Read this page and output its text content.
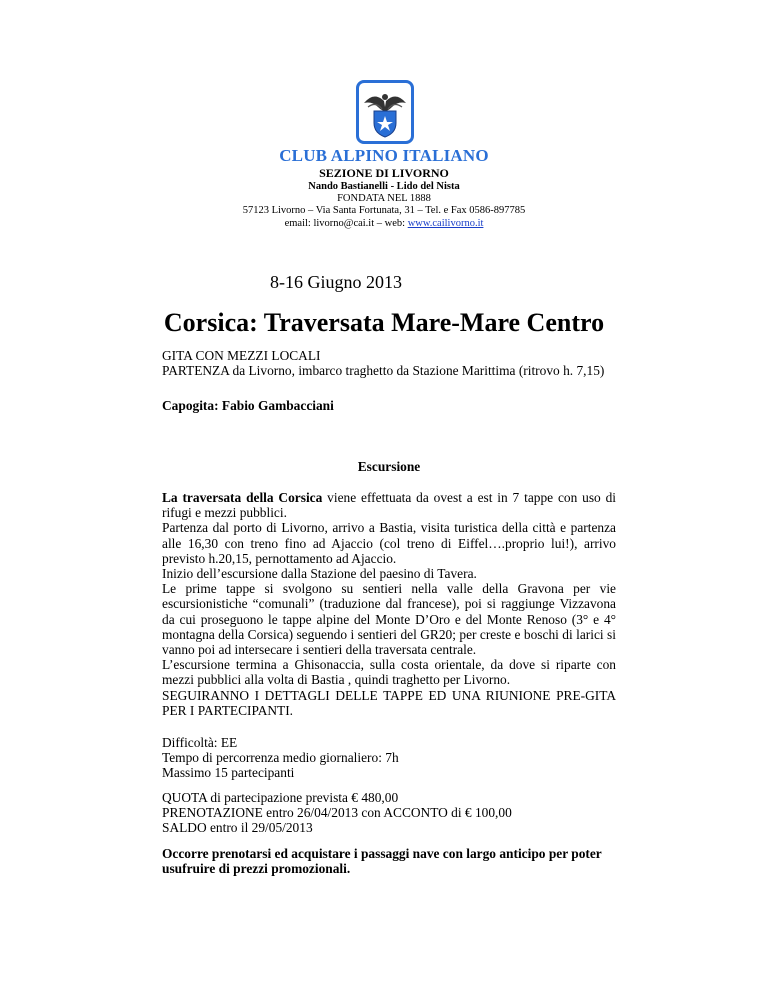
CLUB ALPINO ITALIANO
SEZIONE DI LIVORNO
Nando Bastianelli - Lido del Nista
FONDATA NEL 1888
57123 Livorno – Via Santa Fortunata, 31 – Tel. e Fax 0586-897785
email: livorno@cai.it – web: www.cailivorno.it
8-16 Giugno 2013
Corsica: Traversata Mare-Mare Centro

GITA CON MEZZI LOCALI

PARTENZA da Livorno, imbarco traghetto da Stazione Marittima (ritrovo h. 7,15)

Capogita: Fabio Gambacciani
Escursione

La traversata della Corsica viene effettuata da ovest a est in 7 tappe con uso di rifugi e mezzi pubblici.

Partenza dal porto di Livorno, arrivo a Bastia, visita turistica della città e partenza alle 16,30 con treno fino ad Ajaccio (col treno di Eiffel….proprio lui!), arrivo previsto h.20,15, pernottamento ad Ajaccio.

Inizio dell’escursione dalla Stazione del paesino di Tavera.

Le prime tappe si svolgono su sentieri nella valle della Gravona per vie escursionistiche “comunali” (traduzione dal francese), poi si raggiunge Vizzavona da cui proseguono le tappe alpine del Monte D’Oro e del Monte Renoso (3° e 4° montagna della Corsica) seguendo i sentieri del GR20; per creste e boschi di larici si vanno poi ad intersecare i sentieri della traversata centrale.

L’escursione termina a Ghisonaccia, sulla costa orientale, da dove si riparte con mezzi pubblici alla volta di Bastia , quindi traghetto per Livorno.

SEGUIRANNO I DETTAGLI DELLE TAPPE ED UNA RIUNIONE PRE-GITA PER I PARTECIPANTI.

Difficoltà: EE

Tempo di percorrenza medio giornaliero: 7h

Massimo 15 partecipanti

QUOTA di partecipazione prevista € 480,00

PRENOTAZIONE entro 26/04/2013 con ACCONTO di € 100,00

SALDO entro il 29/05/2013

Occorre prenotarsi ed acquistare i passaggi nave con largo anticipo per poter usufruire di prezzi promozionali.
